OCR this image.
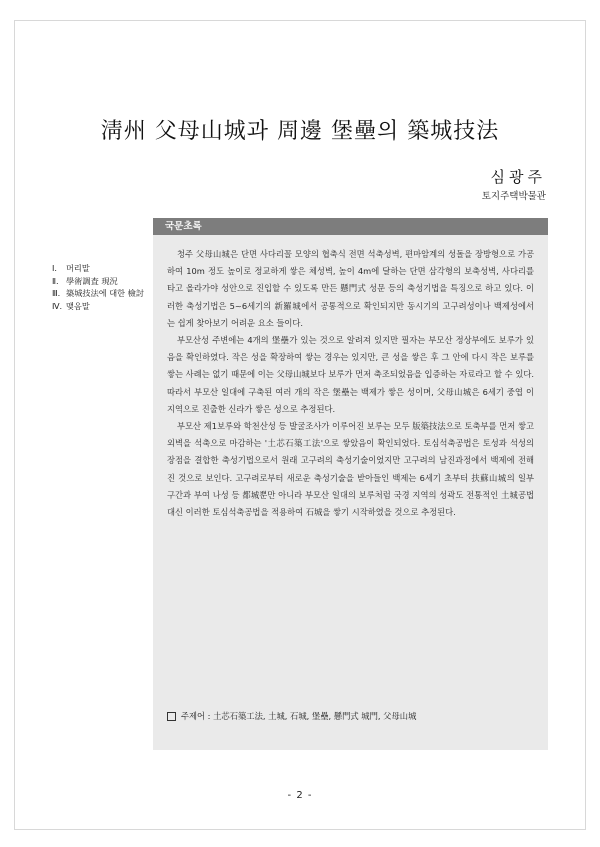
淸州 父母山城과 周邊 堡壘의 築城技法
심광주
토지주택박물관
Ⅰ.	머리말
Ⅱ. 學術調査 現況
Ⅲ. 築城技法에 대한 檢討
Ⅳ. 맺음말
국문초록

청주 父母山城은 단면 사다리꼴 모양의 협축식 전면 석축성벽, 편마암계의 성돌을 장방형으로 가공하여 10m 정도 높이로 정교하게 쌓은 체성벽, 높이 4m에 달하는 단면 삼각형의 보축성벽, 사다리를 타고 올라가야 성안으로 진입할 수 있도록 만든 懸門式 성문 등의 축성기법을 특징으로 하고 있다. 이러한 축성기법은 5~6세기의 新羅城에서 공통적으로 확인되지만 동시기의 고구려성이나 백제성에서는 쉽게 찾아보기 어려운 요소 들이다.

부모산성 주변에는 4개의 堡壘가 있는 것으로 알려져 있지만 필자는 부모산 정상부에도 보루가 있음을 확인하였다. 작은 성을 확장하여 쌓는 경우는 있지만, 큰 성을 쌓은 후 그 안에 다시 작은 보루를 쌓는 사례는 없기 때문에 이는 父母山城보다 보루가 먼저 축조되었음을 입증하는 자료라고 할 수 있다. 따라서 부모산 일대에 구축된 여러 개의 작은 堡壘는 백제가 쌓은 성이며, 父母山城은 6세기 중엽 이 지역으로 진출한 신라가 쌓은 성으로 추정된다.

부모산 제1보루와 학천산성 등 발굴조사가 이루어진 보루는 모두 版築技法으로 토축부를 먼저 쌓고 외벽을 석축으로 마감하는 '土芯石築工法'으로 쌓았음이 확인되었다. 토심석축공법은 토성과 석성의 장점을 결합한 축성기법으로서 원래 고구려의 축성기술이었지만 고구려의 남진과정에서 백제에 전해진 것으로 보인다. 고구려로부터 새로운 축성기술을 받아들인 백제는 6세기 초부터 扶蘇山城의 일부 구간과 부여 나성 등 都城뿐만 아니라 부모산 일대의 보루처럼 국경 지역의 성곽도 전통적인 土城공법 대신 이러한 토심석축공법을 적용하여 石城을 쌓기 시작하였을 것으로 추정된다.

주제어 : 土芯石築工法, 土城, 石城, 堡壘, 懸門式 城門, 父母山城
- 2 -
